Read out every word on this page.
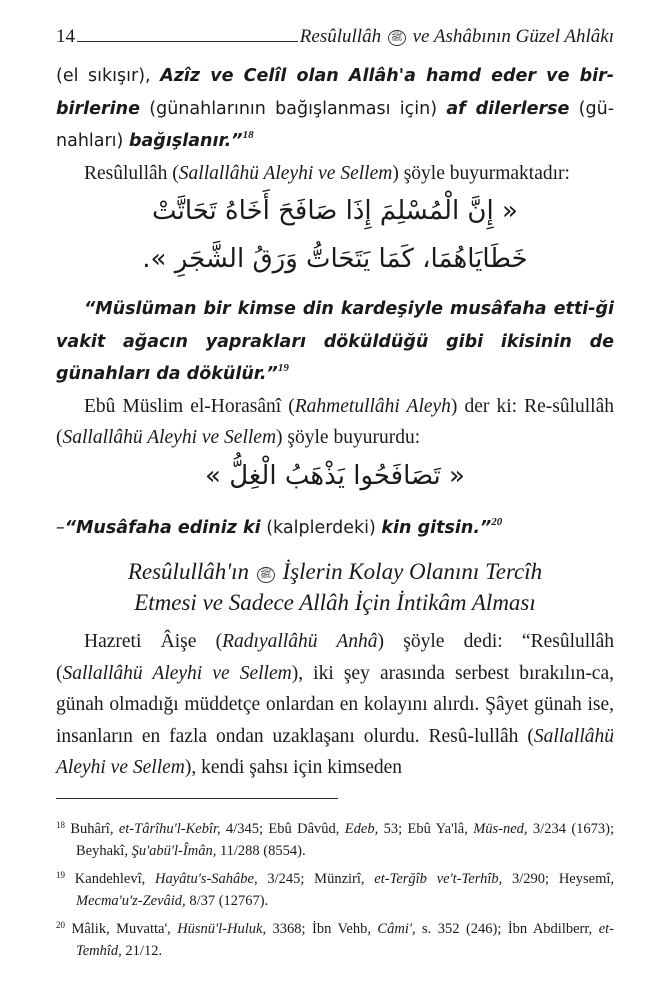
14	Resûlullâh ﷺ ve Ashâbının Güzel Ahlâkı

(el sıkışır), Azîz ve Celîl olan Allâh'a hamd eder ve bir-birlerine (günahlarının bağışlanması için) af dilerlerse (gü-nahları) bağışlanır.”$^{18}$

Resûlullâh (Sallallâhü Aleyhi ve Sellem) şöyle buyurmaktadır:

« إِنَّ الْمُسْلِمَ إِذَا صَافَحَ أَخَاهُ تَحَاتَّتْ
خَطَايَاهُمَا، كَمَا يَتَحَاتُّ وَرَقُ الشَّجَرِ ».

“Müslüman bir kimse din kardeşiyle musâfaha etti-ği vakit ağacın yaprakları döküldüğü gibi ikisinin de günahları da dökülür.”$^{19}$

Ebû Müslim el-Horasânî (Rahmetullâhi Aleyh) der ki: Re-sûlullâh (Sallallâhü Aleyhi ve Sellem) şöyle buyururdu:

« تَصَافَحُوا يَذْهَبُ الْغِلُّ »

–“Musâfaha ediniz ki (kalplerdeki) kin gitsin.”$^{20}$

Resûlullâh'ın ﷺ İşlerin Kolay Olanını Tercîh
Etmesi ve Sadece Allâh İçin İntikâm Alması

Hazreti Âişe (Radıyallâhü Anhâ) şöyle dedi: “Resûlullâh (Sallallâhü Aleyhi ve Sellem), iki şey arasında serbest bırakılın-ca, günah olmadığı müddetçe onlardan en kolayını alırdı. Şâyet günah ise, insanların en fazla ondan uzaklaşanı olurdu. Resû-lullâh (Sallallâhü Aleyhi ve Sellem), kendi şahsı için kimseden

$^{18}$ Buhârî, et-Târîhu'l-Kebîr, 4/345; Ebû Dâvûd, Edeb, 53; Ebû Ya'lâ, Müs-ned, 3/234 (1673); Beyhakî, Şu'abü'l-Îmân, 11/288 (8554).

$^{19}$ Kandehlevî, Hayâtu's-Sahâbe, 3/245; Münzirî, et-Terğîb ve't-Terhîb, 3/290; Heysemî, Mecma'u'z-Zevâid, 8/37 (12767).

$^{20}$ Mâlik, Muvatta', Hüsnü'l-Huluk, 3368; İbn Vehb, Câmi', s. 352 (246); İbn Abdilberr, et-Temhîd, 21/12.
